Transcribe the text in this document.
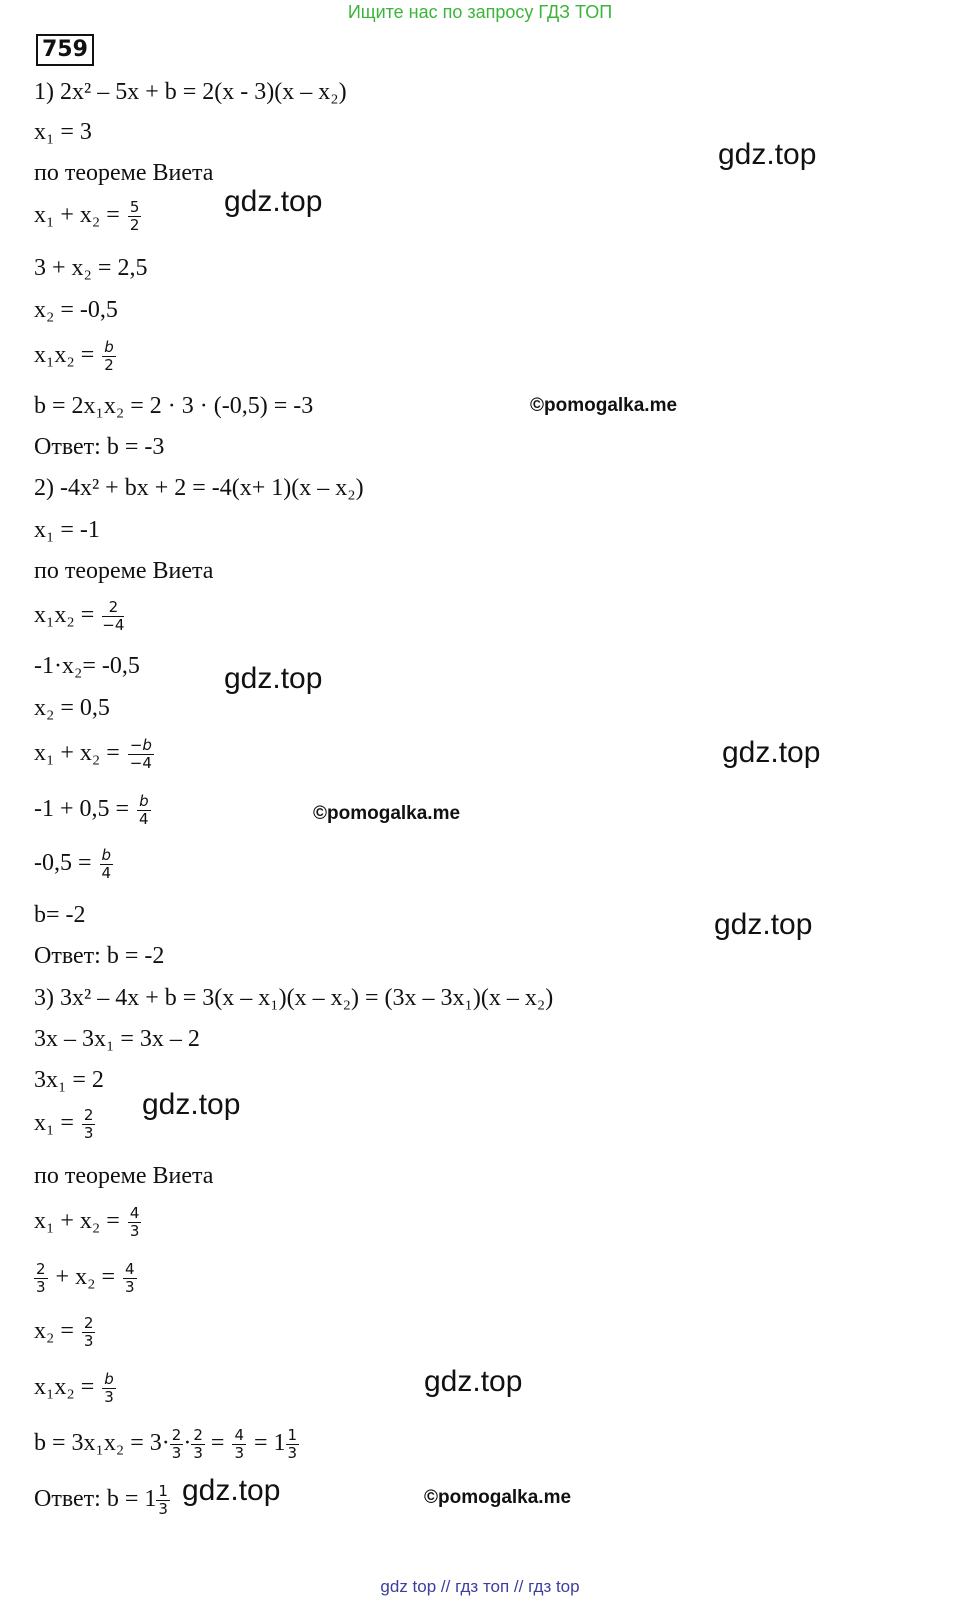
Ищите нас по запросу ГДЗ ТОП
759
1) 2x² – 5x + b = 2(x - 3)(x – x₂)
x₁ = 3
по теореме Виета
$x_1 + x_2 = \frac{5}{2}$
3 + x₂ = 2,5
x₂ = -0,5
$x_1x_2 = \frac{b}{2}$
b = 2x₁x₂ = 2 · 3 · (-0,5) = -3
Ответ: b = -3
2) -4x² + bx + 2 = -4(x+ 1)(x – x₂)
x₁ = -1
по теореме Виета
$x_1x_2 = \frac{2}{-4}$
-1·x₂= -0,5
x₂ = 0,5
$x_1 + x_2 = \frac{-b}{-4}$
$-1 + 0,5 = \frac{b}{4}$
$-0,5 = \frac{b}{4}$
b= -2
Ответ: b = -2
3) 3x² – 4x + b = 3(x – x₁)(x – x₂) = (3x – 3x₁)(x – x₂)
3x – 3x₁ = 3x – 2
3x₁ = 2
$x_1 = \frac{2}{3}$
по теореме Виета
$x_1 + x_2 = \frac{4}{3}$
$\frac{2}{3} + x_2 = \frac{4}{3}$
$x_2 = \frac{2}{3}$
$x_1x_2 = \frac{b}{3}$
$b = 3x_1x_2 = 3\cdot \frac{2}{3} \cdot \frac{2}{3} = \frac{4}{3} = 1 \frac{1}{3}$
Ответ: $b = 1 \frac{1}{3}$
gdz.top
gdz.top
©pomogalka.me
gdz.top
gdz.top
©pomogalka.me
gdz.top
gdz.top
gdz.top
gdz.top	©pomogalka.me
gdz top // гдз топ // гдз top
